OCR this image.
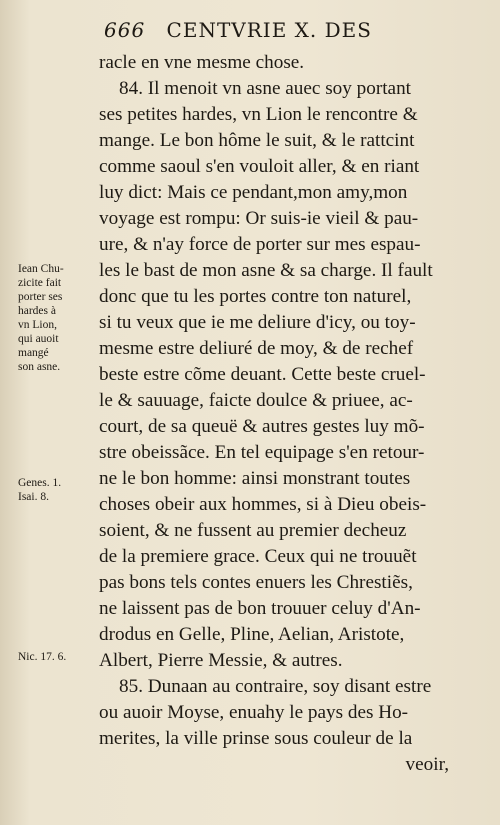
666 CENTVRIE X. DES
Iean Chu-
zicite fait
porter ses
hardes à
vn Lion,
qui auoit
mangé
son asne.
Genes. 1.
Isai. 8.
Nic. 17. 6.
racle en vne mesme chose.
84. Il menoit vn asne auec soy portant
ses petites hardes, vn Lion le rencontre &
mange. Le bon hôme le suit, & le rattcint
comme saoul s'en vouloit aller, & en riant
luy dict: Mais ce pendant,mon amy,mon
voyage est rompu: Or suis-ie vieil & pau-
ure, & n'ay force de porter sur mes espau-
les le bast de mon asne & sa charge. Il fault
donc que tu les portes contre ton naturel,
si tu veux que ie me deliure d'icy, ou toy-
mesme estre deliuré de moy, & de rechef
beste estre cõme deuant. Cette beste cruel-
le & sauuage, faicte doulce & priuee, ac-
court, de sa queuë & autres gestes luy mõ-
stre obeissãce. En tel equipage s'en retour-
ne le bon homme: ainsi monstrant toutes
choses obeir aux hommes, si à Dieu obeis-
soient, & ne fussent au premier decheuz
de la premiere grace. Ceux qui ne trouuẽt
pas bons tels contes enuers les Chrestiẽs,
ne laissent pas de bon trouuer celuy d'An-
drodus en Gelle, Pline, Aelian, Aristote,
Albert, Pierre Messie, & autres.
85. Dunaan au contraire, soy disant estre
ou auoir Moyse, enuahy le pays des Ho-
merites, la ville prinse sous couleur de la
veoir,
